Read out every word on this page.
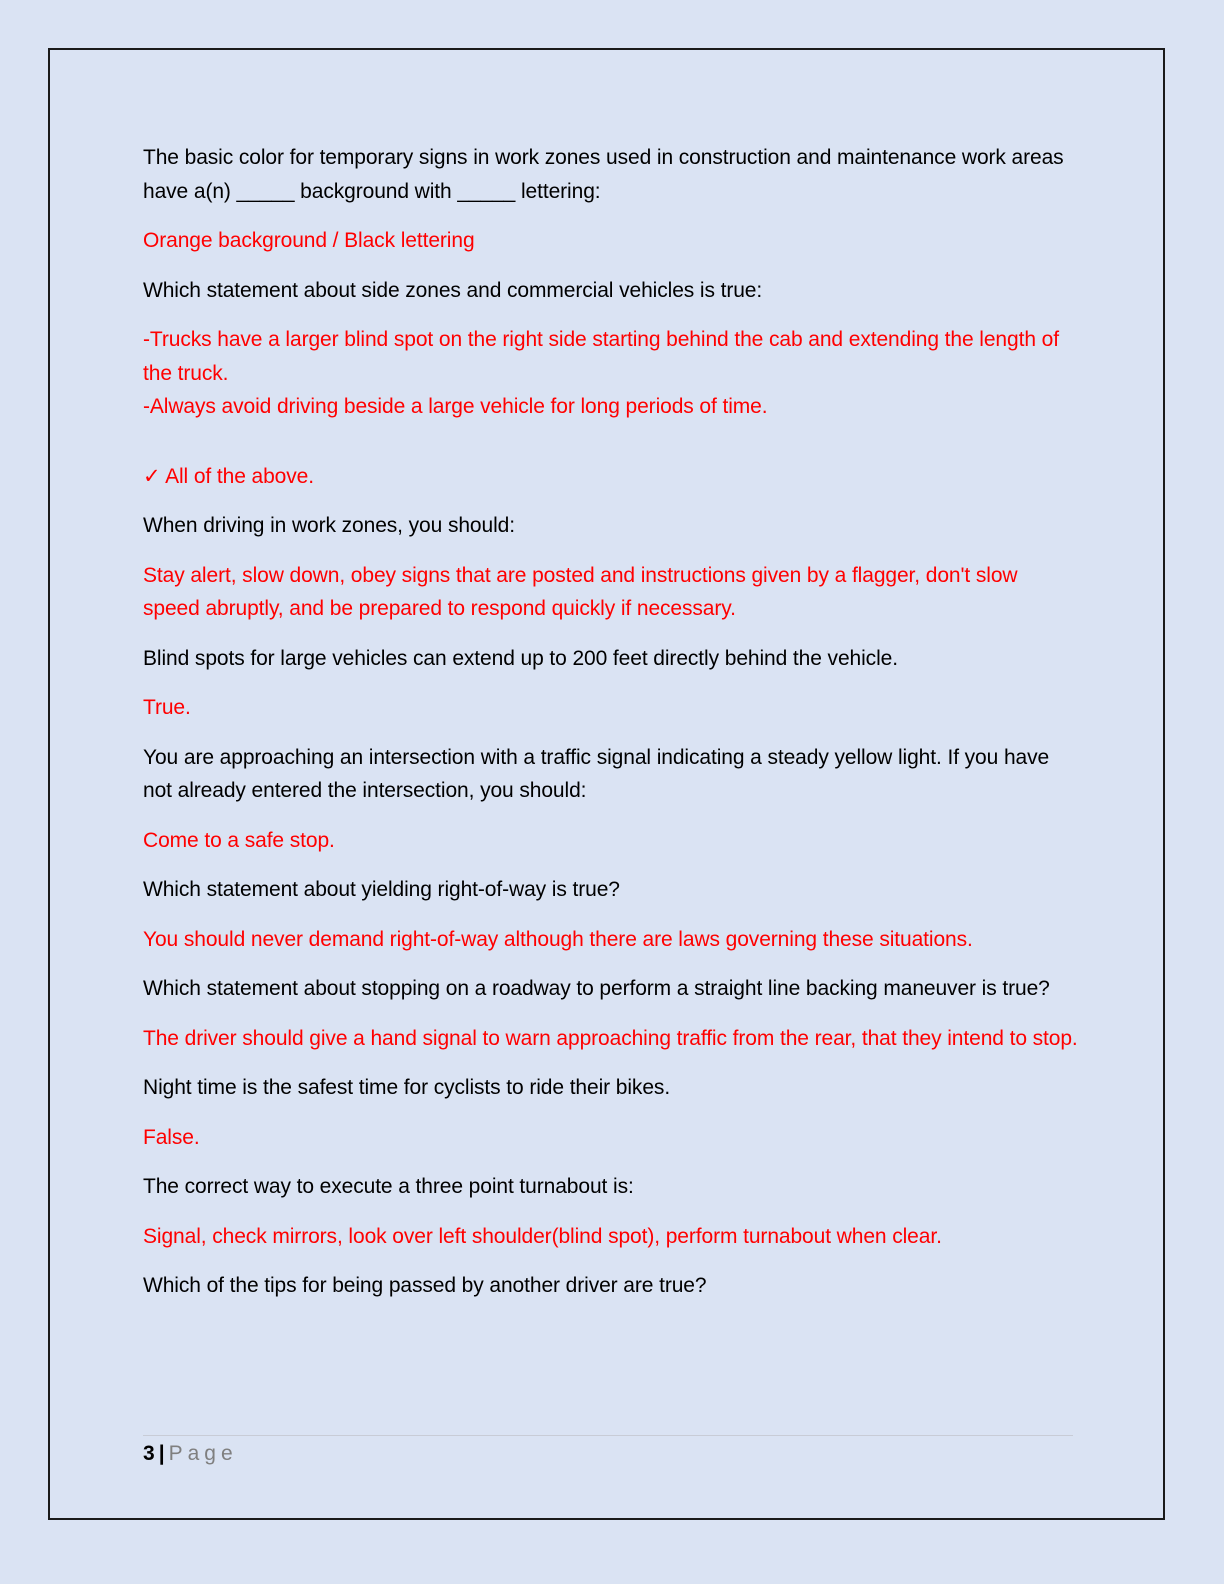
The basic color for temporary signs in work zones used in construction and maintenance work areas have a(n) _____ background with _____ lettering:

Orange background / Black lettering

Which statement about side zones and commercial vehicles is true:

-Trucks have a larger blind spot on the right side starting behind the cab and extending the length of the truck.

-Always avoid driving beside a large vehicle for long periods of time.

✓ All of the above.

When driving in work zones, you should:

Stay alert, slow down, obey signs that are posted and instructions given by a flagger, don't slow speed abruptly, and be prepared to respond quickly if necessary.

Blind spots for large vehicles can extend up to 200 feet directly behind the vehicle.

True.

You are approaching an intersection with a traffic signal indicating a steady yellow light. If you have not already entered the intersection, you should:

Come to a safe stop.

Which statement about yielding right-of-way is true?

You should never demand right-of-way although there are laws governing these situations.

Which statement about stopping on a roadway to perform a straight line backing maneuver is true?

The driver should give a hand signal to warn approaching traffic from the rear, that they intend to stop.

Night time is the safest time for cyclists to ride their bikes.

False.

The correct way to execute a three point turnabout is:

Signal, check mirrors, look over left shoulder(blind spot), perform turnabout when clear.

Which of the tips for being passed by another driver are true?

3 | Page
